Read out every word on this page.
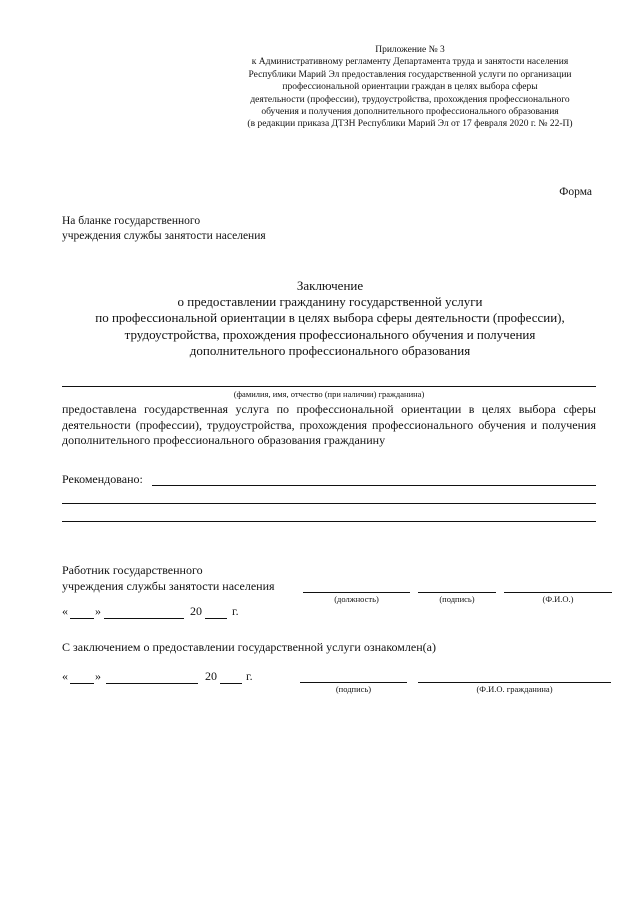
Приложение № 3
к Административному регламенту Департамента труда и занятости населения
Республики Марий Эл предоставления государственной услуги по организации
профессиональной ориентации граждан в целях выбора сферы
деятельности (профессии), трудоустройства, прохождения профессионального
обучения и получения дополнительного профессионального образования
(в редакции приказа ДТЗН Республики Марий Эл от 17 февраля 2020 г. № 22-П)
Форма
На бланке государственного
учреждения службы занятости населения
Заключение
о предоставлении гражданину государственной услуги
по профессиональной ориентации в целях выбора сферы деятельности (профессии),
трудоустройства, прохождения профессионального обучения и получения
дополнительного профессионального образования
(фамилия, имя, отчество (при наличии) гражданина)
предоставлена государственная услуга по профессиональной ориентации в целях выбора сферы деятельности (профессии), трудоустройства, прохождения профессионального обучения и получения дополнительного профессионального образования гражданину
Рекомендовано:
Работник государственного
учреждения службы занятости населения
(должность)	(подпись)	(Ф.И.О.)
« »	20	г.
С заключением о предоставлении государственной услуги ознакомлен(а)
« »	20 г.
(подпись)	(Ф.И.О. гражданина)
